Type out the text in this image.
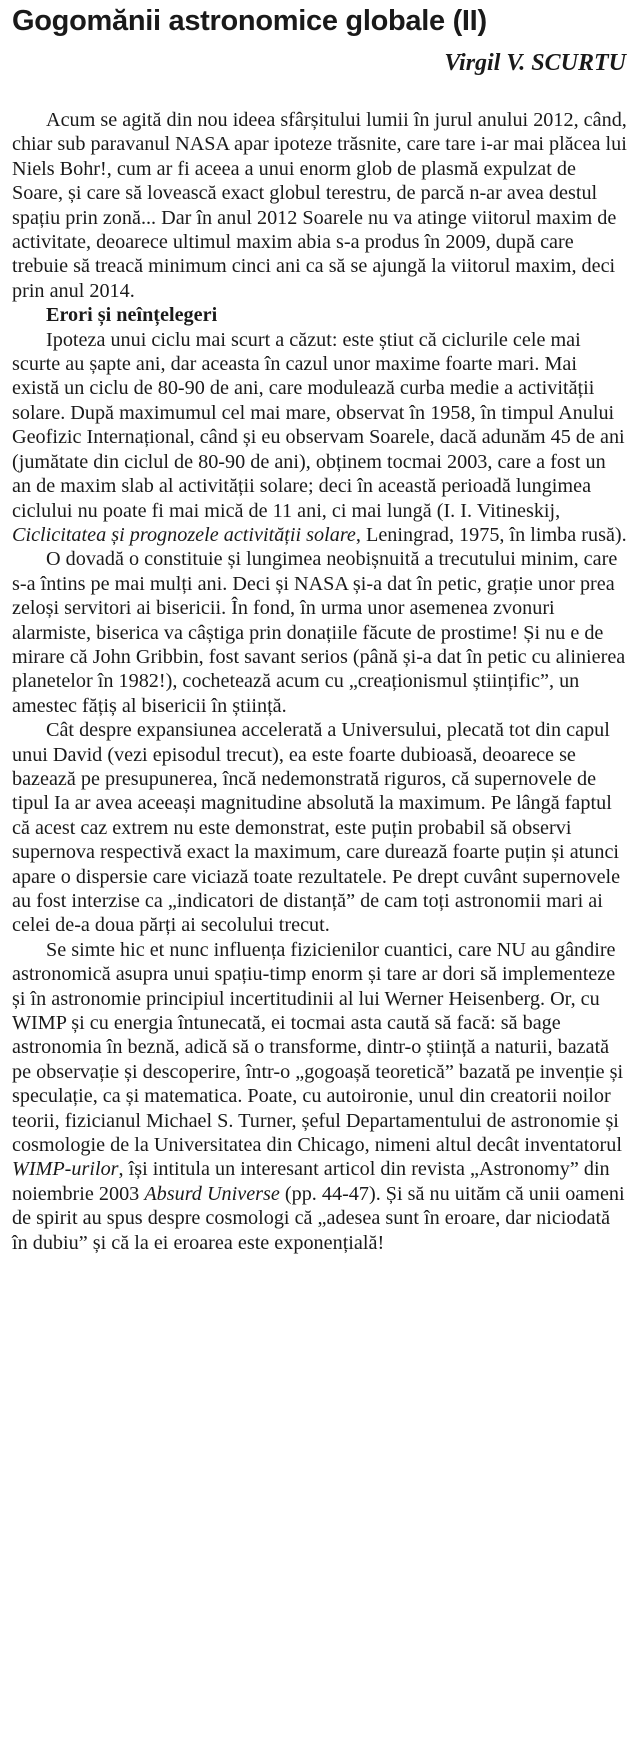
Gogomănii astronomice globale (II)
Virgil V. SCURTU

Acum se agită din nou ideea sfârșitului lumii în jurul anului 2012, când, chiar sub paravanul NASA apar ipoteze trăsnite, care tare i-ar mai plăcea lui Niels Bohr!, cum ar fi aceea a unui enorm glob de plasmă expulzat de Soare, și care să lovească exact globul terestru, de parcă n-ar avea destul spațiu prin zonă... Dar în anul 2012 Soarele nu va atinge viitorul maxim de activitate, deoarece ultimul maxim abia s-a produs în 2009, după care trebuie să treacă minimum cinci ani ca să se ajungă la viitorul maxim, deci prin anul 2014.

Erori și neînțelegeri

Ipoteza unui ciclu mai scurt a căzut: este știut că ciclurile cele mai scurte au șapte ani, dar aceasta în cazul unor maxime foarte mari. Mai există un ciclu de 80-90 de ani, care modulează curba medie a activității solare. După maximumul cel mai mare, observat în 1958, în timpul Anului Geofizic Internațional, când și eu observam Soarele, dacă adunăm 45 de ani (jumătate din ciclul de 80-90 de ani), obținem tocmai 2003, care a fost un an de maxim slab al activității solare; deci în această perioadă lungimea ciclului nu poate fi mai mică de 11 ani, ci mai lungă (I. I. Vitineskij, Ciclicitatea și prognozele activității solare, Leningrad, 1975, în limba rusă).

O dovadă o constituie și lungimea neobișnuită a trecutului minim, care s-a întins pe mai mulți ani. Deci și NASA și-a dat în petic, grație unor prea zeloși servitori ai bisericii. În fond, în urma unor asemenea zvonuri alarmiste, biserica va câștiga prin donațiile făcute de prostime! Și nu e de mirare că John Gribbin, fost savant serios (până și-a dat în petic cu alinierea planetelor în 1982!), cochetează acum cu „creaționismul științific”, un amestec fățiș al bisericii în știință.

Cât despre expansiunea accelerată a Universului, plecată tot din capul unui David (vezi episodul trecut), ea este foarte dubioasă, deoarece se bazează pe presupunerea, încă nedemonstrată riguros, că supernovele de tipul Ia ar avea aceeași magnitudine absolută la maximum. Pe lângă faptul că acest caz extrem nu este demonstrat, este puțin probabil să observi supernova respectivă exact la maximum, care durează foarte puțin și atunci apare o dispersie care viciază toate rezultatele. Pe drept cuvânt supernovele au fost interzise ca „indicatori de distanță” de cam toți astronomii mari ai celei de-a doua părți ai secolului trecut.

Se simte hic et nunc influența fizicienilor cuantici, care NU au gândire astronomică asupra unui spațiu-timp enorm și tare ar dori să implementeze și în astronomie principiul incertitudinii al lui Werner Heisenberg. Or, cu WIMP și cu energia întunecată, ei tocmai asta caută să facă: să bage astronomia în beznă, adică să o transforme, dintr-o știință a naturii, bazată pe observație și descoperire, într-o „gogoașă teoretică” bazată pe invenție și speculație, ca și matematica. Poate, cu autoironie, unul din creatorii noilor teorii, fizicianul Michael S. Turner, șeful Departamentului de astronomie și cosmologie de la Universitatea din Chicago, nimeni altul decât inventatorul WIMP-urilor, își intitula un interesant articol din revista „Astronomy” din noiembrie 2003 Absurd Universe (pp. 44-47). Și să nu uităm că unii oameni de spirit au spus despre cosmologi că „adesea sunt în eroare, dar niciodată în dubiu” și că la ei eroarea este exponențială!
